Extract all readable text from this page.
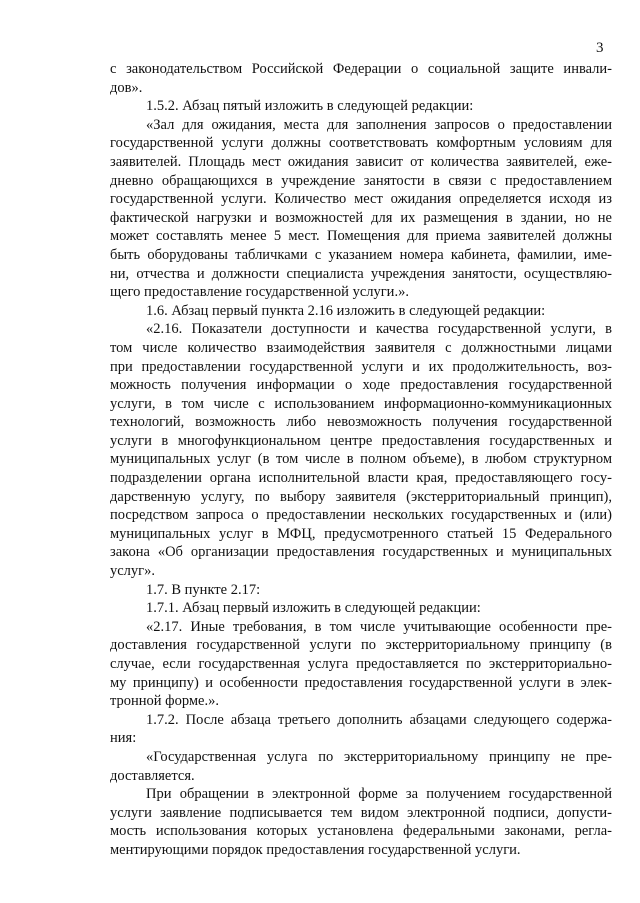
3
с законодательством Российской Федерации о социальной защите инвали-
дов».
1.5.2. Абзац пятый изложить в следующей редакции:
«Зал для ожидания, места для заполнения запросов о предоставлении
государственной услуги должны соответствовать комфортным условиям для
заявителей. Площадь мест ожидания зависит от количества заявителей, еже-
дневно обращающихся в учреждение занятости в связи с предоставлением
государственной услуги. Количество мест ожидания определяется исходя из
фактической нагрузки и возможностей для их размещения в здании, но не
может составлять менее 5 мест. Помещения для приема заявителей должны
быть оборудованы табличками с указанием номера кабинета, фамилии, име-
ни, отчества и должности специалиста учреждения занятости, осуществляю-
щего предоставление государственной услуги.».
1.6. Абзац первый пункта 2.16 изложить в следующей редакции:
«2.16. Показатели доступности и качества государственной услуги, в
том числе количество взаимодействия заявителя с должностными лицами
при предоставлении государственной услуги и их продолжительность, воз-
можность получения информации о ходе предоставления государственной
услуги, в том числе с использованием информационно-коммуникационных
технологий, возможность либо невозможность получения государственной
услуги в многофункциональном центре предоставления государственных и
муниципальных услуг (в том числе в полном объеме), в любом структурном
подразделении органа исполнительной власти края, предоставляющего госу-
дарственную услугу, по выбору заявителя (экстерриториальный принцип),
посредством запроса о предоставлении нескольких государственных и (или)
муниципальных услуг в МФЦ, предусмотренного статьей 15 Федерального
закона «Об организации предоставления государственных и муниципальных
услуг».
1.7. В пункте 2.17:
1.7.1. Абзац первый изложить в следующей редакции:
«2.17. Иные требования, в том числе учитывающие особенности пре-
доставления государственной услуги по экстерриториальному принципу (в
случае, если государственная услуга предоставляется по экстерриториально-
му принципу) и особенности предоставления государственной услуги в элек-
тронной форме.».
1.7.2. После абзаца третьего дополнить абзацами следующего содержа-
ния:
«Государственная услуга по экстерриториальному принципу не пре-
доставляется.
При обращении в электронной форме за получением государственной
услуги заявление подписывается тем видом электронной подписи, допусти-
мость использования которых установлена федеральными законами, регла-
ментирующими порядок предоставления государственной услуги.
